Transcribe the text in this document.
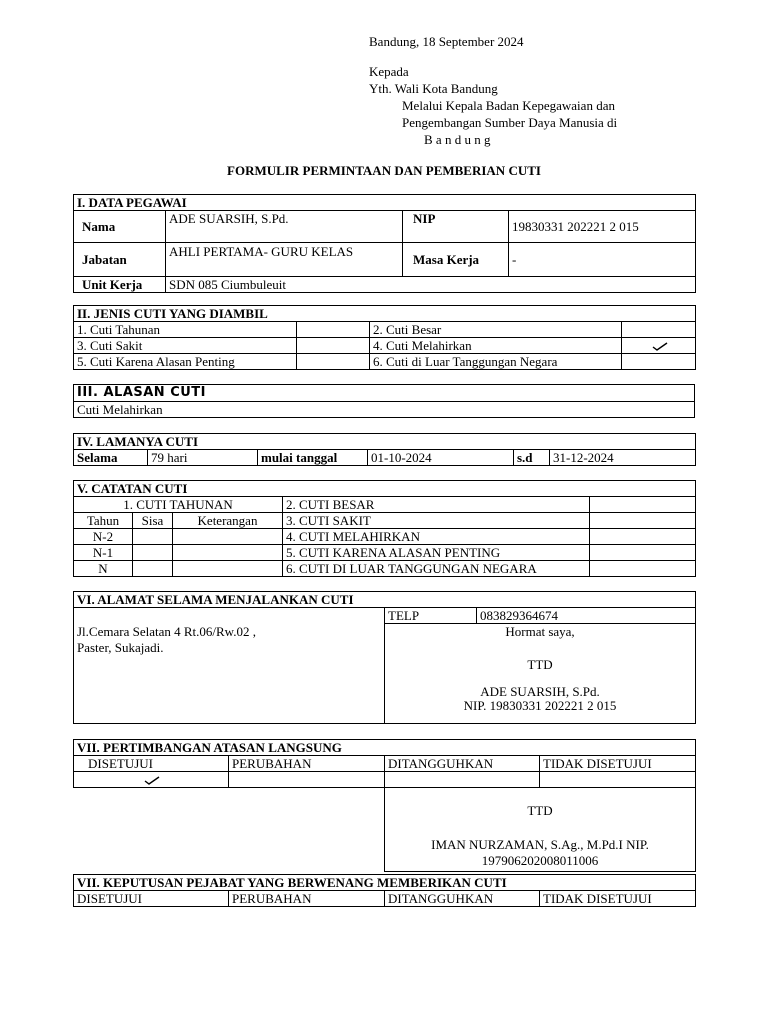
Bandung, 18 September 2024
Kepada
Yth. Wali Kota Bandung
Melalui Kepala Badan Kepegawaian dan
Pengembangan Sumber Daya Manusia di
B a n d u n g
FORMULIR PERMINTAAN DAN PEMBERIAN CUTI
I. DATA PEGAWAI			
Nama	ADE SUARSIH, S.Pd.	NIP	19830331 202221 2 015
Jabatan	AHLI PERTAMA- GURU KELAS	Masa Kerja	-
Unit Kerja	SDN 085 Ciumbuleuit		
II. JENIS CUTI YANG DIAMBIL			
1. Cuti Tahunan		2. Cuti Besar	
3. Cuti Sakit		4. Cuti Melahirkan	

5. Cuti Karena Alasan Penting		6. Cuti di Luar Tanggungan Negara	
III. ALASAN CUTI
Cuti Melahirkan
IV. LAMANYA CUTI
Selama	79 hari	mulai tanggal	01-10-2024	s.d	31-12-2024
V. CATATAN CUTI				
1. CUTI TAHUNAN			2. CUTI BESAR	
Tahun	Sisa	Keterangan	3. CUTI SAKIT	
N-2			4. CUTI MELAHIRKAN	
N-1			5. CUTI KARENA ALASAN PENTING	
N			6. CUTI DI LUAR TANGGUNGAN NEGARA	
VI. ALAMAT SELAMA MENJALANKAN CUTI

Jl.Cemara Selatan 4 Rt.06/Rw.02 ,
Paster, Sukajadi.
	TELP	083829364674

Hormat saya,
TTD
ADE SUARSIH, S.Pd.
NIP. 19830331 202221 2 015
VII. PERTIMBANGAN ATASAN LANGSUNG			
DISETUJUI	PERUBAHAN	DITANGGUHKAN	TIDAK DISETUJUI

		TTD
IMAN NURZAMAN, S.Ag., M.Pd.I NIP.
197906202008011006	
VII. KEPUTUSAN PEJABAT YANG BERWENANG MEMBERIKAN CUTI
DISETUJUI	PERUBAHAN	DITANGGUHKAN	TIDAK DISETUJUI
